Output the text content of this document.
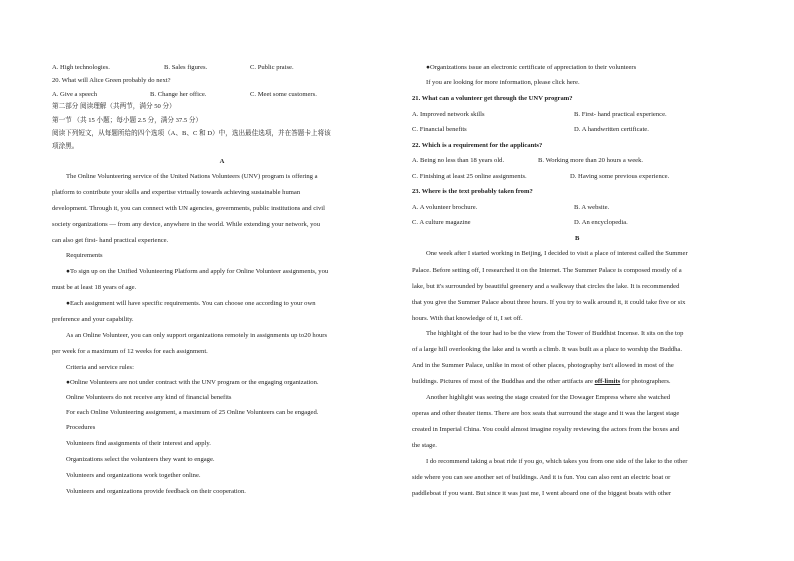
A. High technologies.	B. Sales figures.	C. Public praise.
20. What will Alice Green probably do next?
A. Give a speech	B. Change her office.	C. Meet some customers.
第二部分 阅读理解（共两节，满分 50 分）
第一节 （共 15 小题；每小题 2.5 分，满分 37.5 分）
阅读下列短文，从每题所给的四个选项（A、B、C 和 D）中，选出最佳选项，并在答题卡上将该
项涂黑。
A
The Online Volunteering service of the United Nations Volunteers (UNV) program is offering a
platform to contribute your skills and expertise virtually towards achieving sustainable human
development. Through it, you can connect with UN agencies, governments, public institutions and civil
society organizations — from any device, anywhere in the world. While extending your network, you
can also get first- hand practical experience.
Requirements
●To sign up on the Unified Volunteering Platform and apply for Online Volunteer assignments, you
must be at least 18 years of age.
●Each assignment will have specific requirements. You can choose one according to your own
preference and your capability.
As an Online Volunteer, you can only support organizations remotely in assignments up to20 hours
per week for a maximum of 12 weeks for each assignment.
Criteria and service rules:
●Online Volunteers are not under contract with the UNV program or the engaging organization.
Online Volunteers do not receive any kind of financial benefits
For each Online Volunteering assignment, a maximum of 25 Online Volunteers can be engaged.
Procedures
Volunteers find assignments of their interest and apply.
Organizations select the volunteers they want to engage.
Volunteers and organizations work together online.
Volunteers and organizations provide feedback on their cooperation.
●Organizations issue an electronic certificate of appreciation to their volunteers
If you are looking for more information, please click here.
21. What can a volunteer get through the UNV program?
A. Improved network skills	B. First- hand practical experience.
C. Financial benefits	D. A handwritten certificate.
22. Which is a requirement for the applicants?
A. Being no less than 18 years old.	B. Working more than 20 hours a week.
C. Finishing at least 25 online assignments.	D. Having some previous experience.
23. Where is the text probably taken from?
A. A volunteer brochure.	B. A website.
C. A culture magazine	D. An encyclopedia.
B
One week after I started working in Beijing, I decided to visit a place of interest called the Summer
Palace. Before setting off, I researched it on the Internet. The Summer Palace is composed mostly of a
lake, but it's surrounded by beautiful greenery and a walkway that circles the lake. It is recommended
that you give the Summer Palace about three hours. If you try to walk around it, it could take five or six
hours. With that knowledge of it, I set off.
The highlight of the tour had to be the view from the Tower of Buddhist Incense. It sits on the top
of a large hill overlooking the lake and is worth a climb. It was built as a place to worship the Buddha.
And in the Summer Palace, unlike in most of other places, photography isn't allowed in most of the
buildings. Pictures of most of the Buddhas and the other artifacts are off-limits for photographers.
Another highlight was seeing the stage created for the Dowager Empress where she watched
operas and other theater items. There are box seats that surround the stage and it was the largest stage
created in Imperial China. You could almost imagine royalty reviewing the actors from the boxes and
the stage.
I do recommend taking a boat ride if you go, which takes you from one side of the lake to the other
side where you can see another set of buildings. And it is fun. You can also rent an electric boat or
paddleboat if you want. But since it was just me, I went aboard one of the biggest boats with other
